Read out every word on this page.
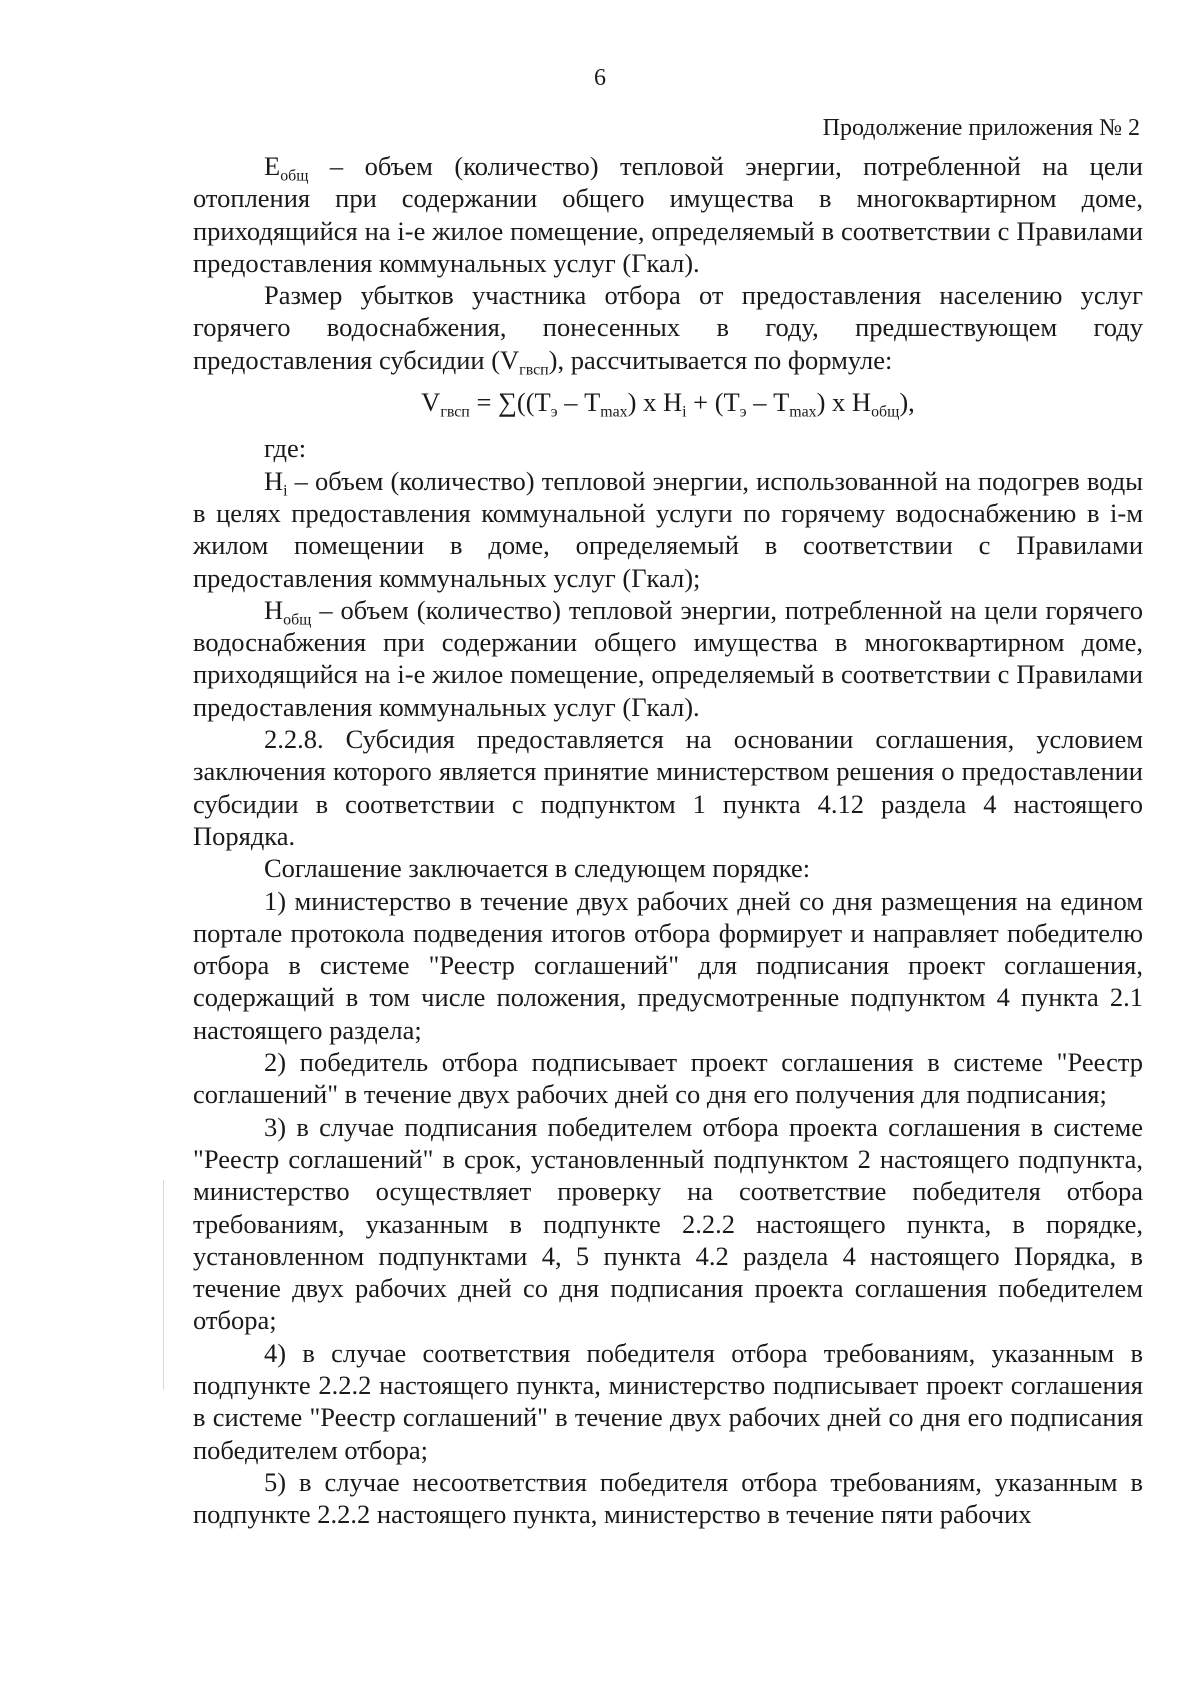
6
Продолжение приложения № 2

$Е_{общ}$ – объем (количество) тепловой энергии, потребленной на цели отопления при содержании общего имущества в многоквартирном доме, приходящийся на i-е жилое помещение, определяемый в соответствии с Правилами предоставления коммунальных услуг (Гкал).

Размер убытков участника отбора от предоставления населению услуг горячего водоснабжения, понесенных в году, предшествующем году предоставления субсидии $(V_{гвсп})$, рассчитывается по формуле:

$V_{гвсп} = \sum((Т_э - Т_{max})$ х $Н_i + (Т_э - Т_{max})$ х $Н_{общ}$),

где:

$Н_i$ – объем (количество) тепловой энергии, использованной на подогрев воды в целях предоставления коммунальной услуги по горячему водоснабжению в i-м жилом помещении в доме, определяемый в соответствии с Правилами предоставления коммунальных услуг (Гкал);

$Н_{общ}$ – объем (количество) тепловой энергии, потребленной на цели горячего водоснабжения при содержании общего имущества в многоквартирном доме, приходящийся на i-е жилое помещение, определяемый в соответствии с Правилами предоставления коммунальных услуг (Гкал).

2.2.8. Субсидия предоставляется на основании соглашения, условием заключения которого является принятие министерством решения о предоставлении субсидии в соответствии с подпунктом 1 пункта 4.12 раздела 4 настоящего Порядка.

Соглашение заключается в следующем порядке:

1) министерство в течение двух рабочих дней со дня размещения на едином портале протокола подведения итогов отбора формирует и направляет победителю отбора в системе "Реестр соглашений" для подписания проект соглашения, содержащий в том числе положения, предусмотренные подпунктом 4 пункта 2.1 настоящего раздела;

2) победитель отбора подписывает проект соглашения в системе "Реестр соглашений" в течение двух рабочих дней со дня его получения для подписания;

3) в случае подписания победителем отбора проекта соглашения в системе "Реестр соглашений" в срок, установленный подпунктом 2 настоящего подпункта, министерство осуществляет проверку на соответствие победителя отбора требованиям, указанным в подпункте 2.2.2 настоящего пункта, в порядке, установленном подпунктами 4, 5 пункта 4.2 раздела 4 настоящего Порядка, в течение двух рабочих дней со дня подписания проекта соглашения победителем отбора;

4) в случае соответствия победителя отбора требованиям, указанным в подпункте 2.2.2 настоящего пункта, министерство подписывает проект соглашения в системе "Реестр соглашений" в течение двух рабочих дней со дня его подписания победителем отбора;

5) в случае несоответствия победителя отбора требованиям, указанным в подпункте 2.2.2 настоящего пункта, министерство в течение пяти рабочих
